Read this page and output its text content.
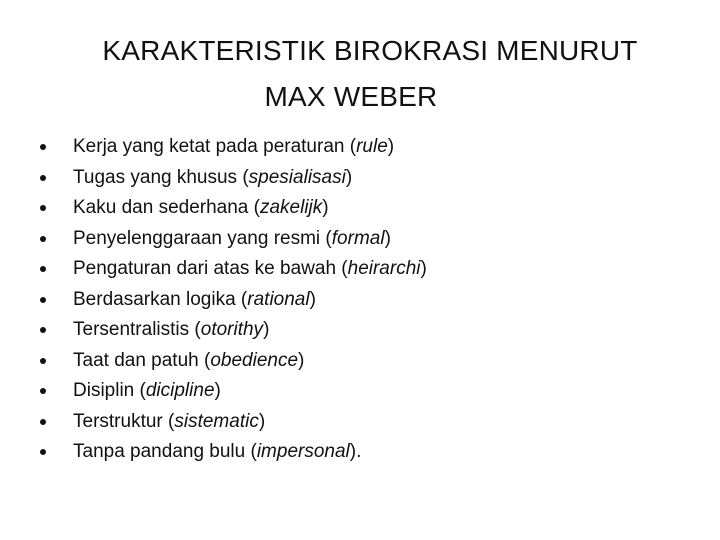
KARAKTERISTIK BIROKRASI MENURUT

MAX WEBER
Kerja yang ketat pada peraturan (rule)
Tugas yang khusus (spesialisasi)
Kaku dan sederhana (zakelijk)
Penyelenggaraan yang resmi (formal)
Pengaturan dari atas ke bawah (heirarchi)
Berdasarkan logika (rational)
Tersentralistis (otorithy)
Taat dan patuh (obedience)
Disiplin (dicipline)
Terstruktur (sistematic)
Tanpa pandang bulu (impersonal).
